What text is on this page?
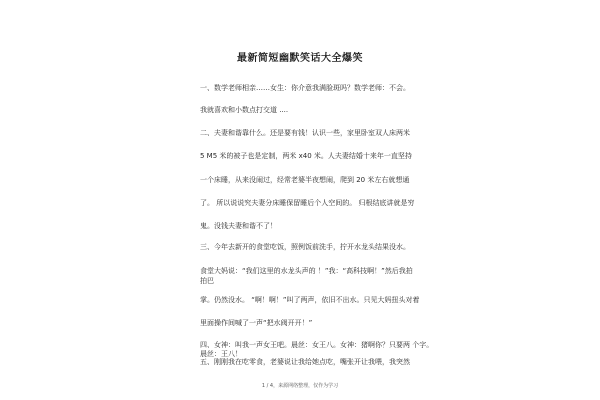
最新简短幽默笑话大全爆笑
一、数学老师相亲……女生：你介意我满脸斑吗？数学老师：不会。
我就喜欢和小数点打交道 ....
二、夫妻和谐靠什么。还是要有钱！认识一些，家里卧室双人床两米
5 M5 米的被子也是定制，两米 x40 米。人夫妻结婚十来年一直坚持
一个床睡，从来没闹过，经常老婆半夜想闹，爬到 20 米左右就想通
了。 所以说说究夫妻分床睡保留睡后个人空间的。 归根结底讲就是穷
鬼。没钱夫妻和谐不了！
三、今年去新开的食堂吃饭，照例饭前洗手，拧开水龙头结果没水。
食堂大妈说：“我们这里的水龙头声的 ！”我：“高科技啊！”然后我拍
拍巴
掌。仍然没水。 “啊！啊！”叫了两声，依旧不出水。只见大妈扭头对着
里面操作间喊了一声“把水阀开开！”
四、女神：叫我一声女王吧。晨丝：女王八。女神：猪啊你？只要两 个字。
晨丝：王八！
五、刚刚我在吃零食，老婆说让我给她点吃，嘴张开让我喂，我突然
1 / 4，来源网络整理，仅作为学习
